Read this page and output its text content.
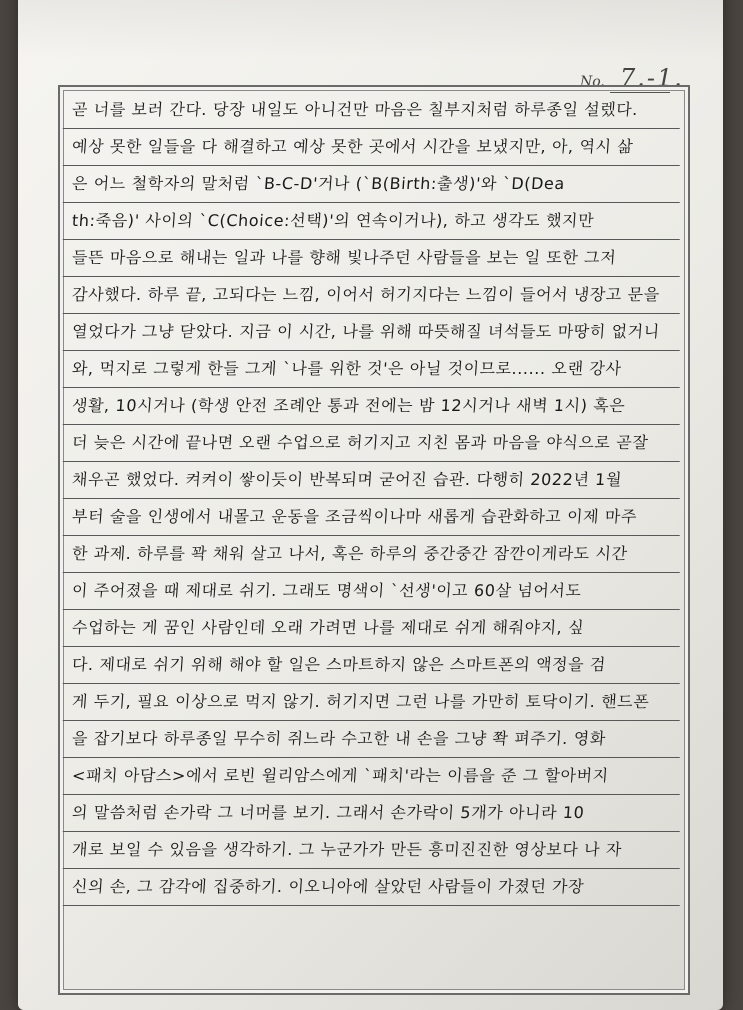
No. 7.-1.
곧 너를 보러 간다. 당장 내일도 아니건만 마음은 칠부지처럼 하루종일 설렜다.
예상 못한 일들을 다 해결하고 예상 못한 곳에서 시간을 보냈지만, 아, 역시 삶
은 어느 철학자의 말처럼 `B-C-D'거나 (`B(Birth:출생)'와 `D(Dea
th:죽음)' 사이의 `C(Choice:선택)'의 연속이거나), 하고 생각도 했지만
들뜬 마음으로 해내는 일과 나를 향해 빛나주던 사람들을 보는 일 또한 그저
감사했다. 하루 끝, 고되다는 느낌, 이어서 허기지다는 느낌이 들어서 냉장고 문을
열었다가 그냥 닫았다. 지금 이 시간, 나를 위해 따뜻해질 녀석들도 마땅히 없거니
와, 먹지로 그렇게 한들 그게 `나를 위한 것'은 아닐 것이므로...... 오랜 강사
생활, 10시거나 (학생 안전 조례안 통과 전에는 밤 12시거나 새벽 1시) 혹은
더 늦은 시간에 끝나면 오랜 수업으로 허기지고 지친 몸과 마음을 야식으로 곧잘
채우곤 했었다. 켜켜이 쌓이듯이 반복되며 굳어진 습관. 다행히 2022년 1월
부터 술을 인생에서 내몰고 운동을 조금씩이나마 새롭게 습관화하고 이제 마주
한 과제. 하루를 꽉 채워 살고 나서, 혹은 하루의 중간중간 잠깐이게라도 시간
이 주어졌을 때 제대로 쉬기. 그래도 명색이 `선생'이고 60살 넘어서도
수업하는 게 꿈인 사람인데 오래 가려면 나를 제대로 쉬게 해줘야지, 싶
다. 제대로 쉬기 위해 해야 할 일은 스마트하지 않은 스마트폰의 액정을 검
게 두기, 필요 이상으로 먹지 않기. 허기지면 그런 나를 가만히 토닥이기. 핸드폰
을 잡기보다 하루종일 무수히 쥐느라 수고한 내 손을 그냥 쫙 펴주기. 영화
<패치 아담스>에서 로빈 윌리암스에게 `패치'라는 이름을 준 그 할아버지
의 말씀처럼 손가락 그 너머를 보기. 그래서 손가락이 5개가 아니라 10
개로 보일 수 있음을 생각하기. 그 누군가가 만든 흥미진진한 영상보다 나 자
신의 손, 그 감각에 집중하기. 이오니아에 살았던 사람들이 가졌던 가장
